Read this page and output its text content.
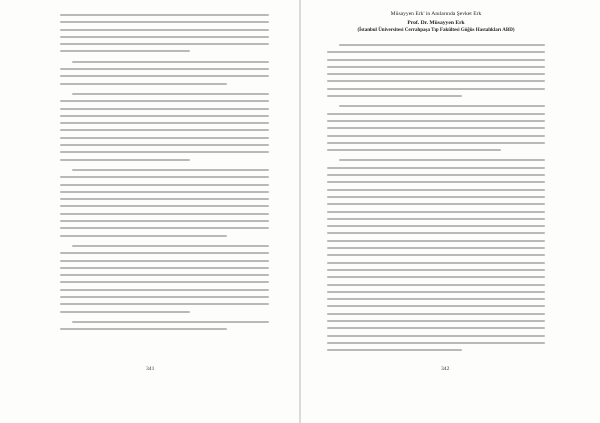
341
Müsayyen Erk' in Anılarında Şevket Erk
Prof. Dr. Müsayyen Erk
(İstanbul Üniversitesi Cerrahpaşa Tıp Fakültesi Göğüs Hastalıkları ABD)
342
